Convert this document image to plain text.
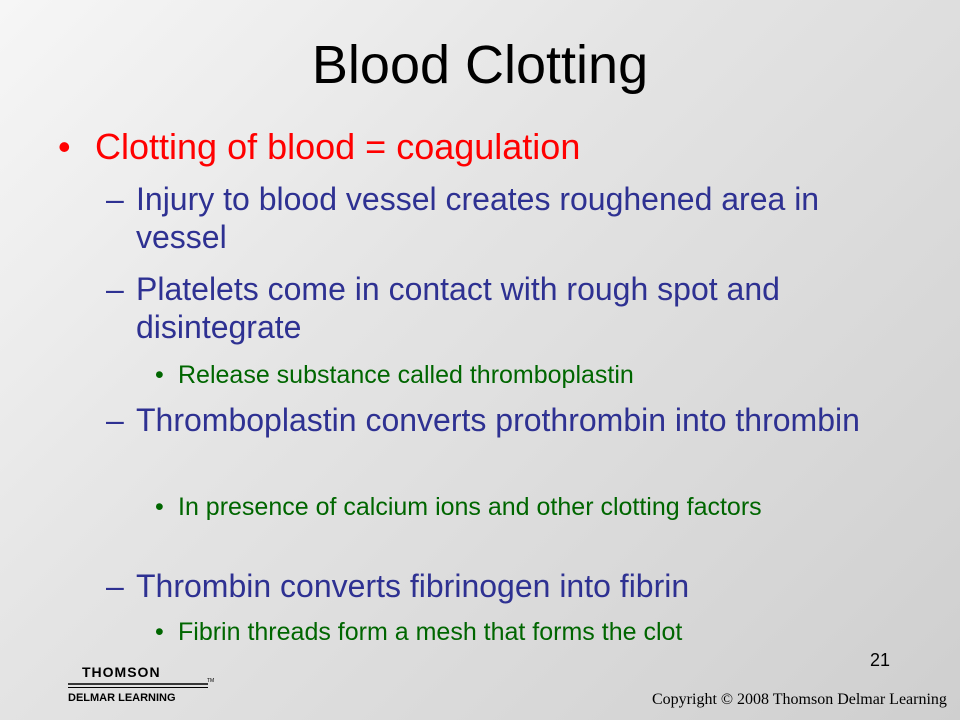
Blood Clotting
• Clotting of blood = coagulation
– Injury to blood vessel creates roughened area in vessel
– Platelets come in contact with rough spot and disintegrate
• Release substance called thromboplastin
– Thromboplastin converts prothrombin into thrombin
• In presence of calcium ions and other clotting factors
– Thrombin converts fibrinogen into fibrin
• Fibrin threads form a mesh that forms the clot
21
THOMSON
TM
DELMAR LEARNING	Copyright © 2008 Thomson Delmar Learning
